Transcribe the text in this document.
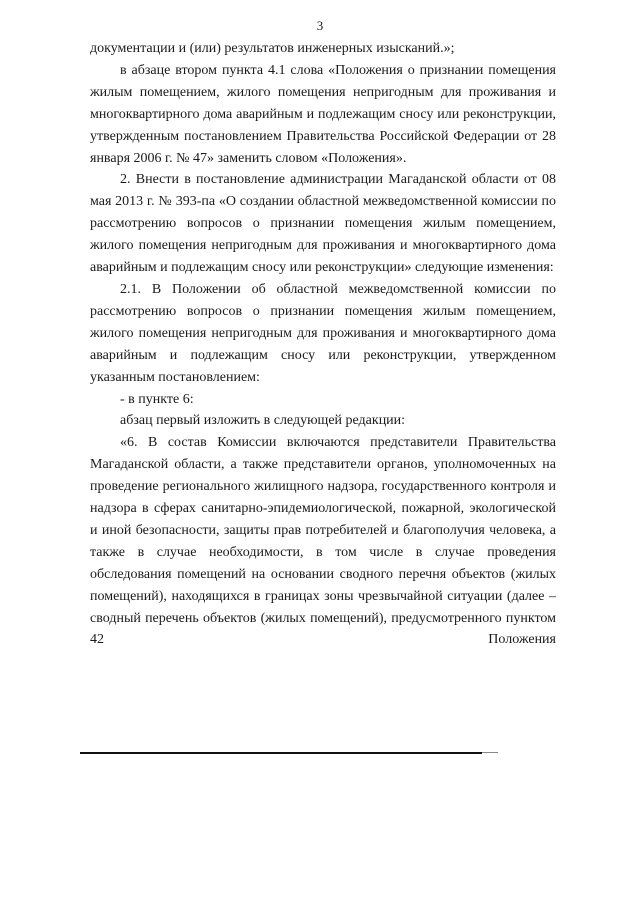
3

документации и (или) результатов инженерных изысканий.»;

в абзаце втором пункта 4.1 слова «Положения о признании помещения жилым помещением, жилого помещения непригодным для проживания и многоквартирного дома аварийным и подлежащим сносу или реконструкции, утвержденным постановлением Правительства Российской Федерации от 28 января 2006 г. № 47» заменить словом «Положения».

2. Внести в постановление администрации Магаданской области от 08 мая 2013 г. № 393-па «О создании областной межведомственной комиссии по рассмотрению вопросов о признании помещения жилым помещением, жилого помещения непригодным для проживания и многоквартирного дома аварийным и подлежащим сносу или реконструкции» следующие изменения:

2.1. В Положении об областной межведомственной комиссии по рассмотрению вопросов о признании помещения жилым помещением, жилого помещения непригодным для проживания и многоквартирного дома аварийным и подлежащим сносу или реконструкции, утвержденном указанным постановлением:

- в пункте 6:

абзац первый изложить в следующей редакции:

«6. В состав Комиссии включаются представители Правительства Магаданской области, а также представители органов, уполномоченных на проведение регионального жилищного надзора, государственного контроля и надзора в сферах санитарно-эпидемиологической, пожарной, экологической и иной безопасности, защиты прав потребителей и благополучия человека, а также в случае необходимости, в том числе в случае проведения обследования помещений на основании сводного перечня объектов (жилых помещений), находящихся в границах зоны чрезвычайной ситуации (далее – сводный перечень объектов (жилых помещений), предусмотренного пунктом 42 Положения
